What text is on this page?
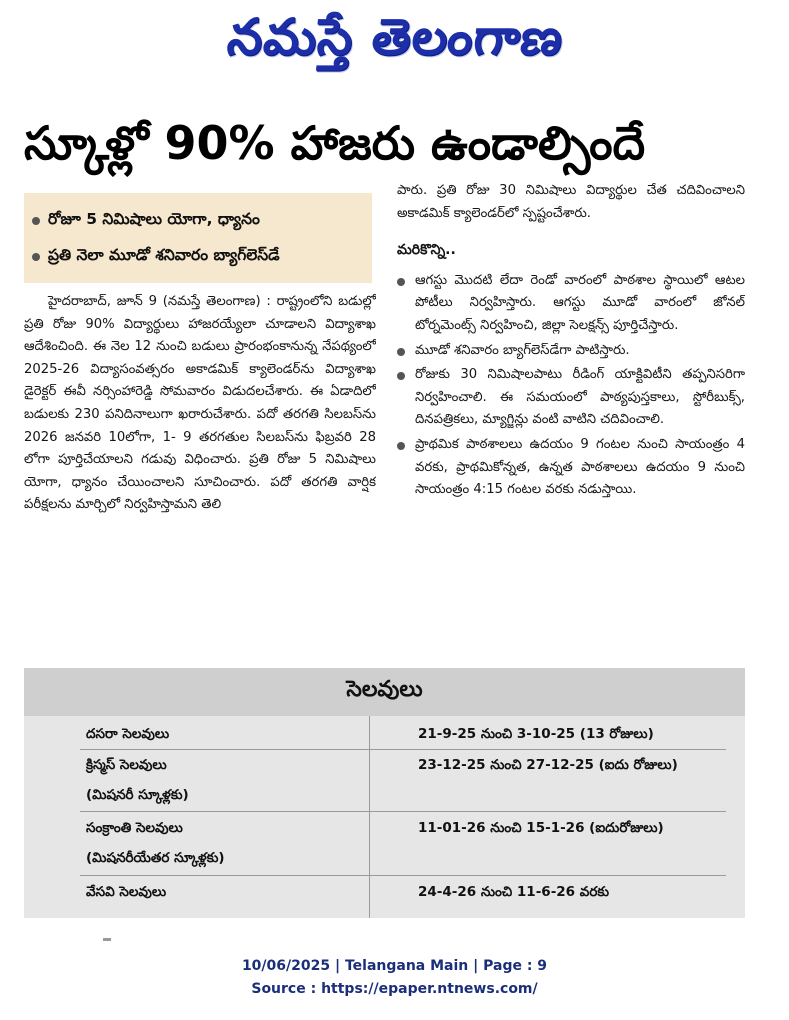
నమస్తే తెలంగాణ
స్కూళ్లో 90% హాజరు ఉండాల్సిందే
రోజూ 5 నిమిషాలు యోగా, ధ్యానం
ప్రతి నెలా మూడో శనివారం బ్యాగ్‌లెస్‌డే

హైదరాబాద్, జూన్ 9 (నమస్తే తెలంగాణ) : రాష్ట్రంలోని బడుల్లో ప్రతి రోజు 90% విద్యార్థులు హాజరయ్యేలా చూడాలని విద్యాశాఖ ఆదేశించింది. ఈ నెల 12 నుంచి బడులు ప్రారంభంకానున్న నేపథ్యంలో 2025-26 విద్యాసంవత్సరం అకాడమిక్ క్యాలెండర్‌ను విద్యాశాఖ డైరెక్టర్ ఈవీ నర్సింహారెడ్డి సోమవారం విడుదలచేశారు. ఈ ఏడాదిలో బడులకు 230 పనిదినాలుగా ఖరారుచేశారు. పదో తరగతి సిలబస్‌ను 2026 జనవరి 10లోగా, 1- 9 తరగతుల సిలబస్‌ను ఫిబ్రవరి 28 లోగా పూర్తిచేయాలని గడువు విధించారు. ప్రతి రోజు 5 నిమిషాలు యోగా, ధ్యానం చేయించాలని సూచించారు. పదో తరగతి వార్షిక పరీక్షలను మార్చిలో నిర్వహిస్తామని తెలి

పారు. ప్రతి రోజు 30 నిమిషాలు విద్యార్థుల చేత చదివించాలని అకాడమిక్ క్యాలెండర్‌లో స్పష్టంచేశారు.

మరికొన్ని..

ఆగస్టు మొదటి లేదా రెండో వారంలో పాఠశాల స్థాయిలో ఆటల పోటీలు నిర్వహిస్తారు. ఆగస్టు మూడో వారంలో జోనల్ టోర్నమెంట్స్ నిర్వహించి, జిల్లా సెలక్షన్స్ పూర్తిచేస్తారు.
మూడో శనివారం బ్యాగ్‌లెస్‌డేగా పాటిస్తారు.
రోజుకు 30 నిమిషాలపాటు రీడింగ్ యాక్టివిటీని తప్పనిసరిగా నిర్వహించాలి. ఈ సమయంలో పాఠ్యపుస్తకాలు, స్టోరీబుక్స్, దినపత్రికలు, మ్యాగ్జిన్లు వంటి వాటిని చదివించాలి.
ప్రాథమిక పాఠశాలలు ఉదయం 9 గంటల నుంచి సాయంత్రం 4 వరకు, ప్రాథమికోన్నత, ఉన్నత పాఠశాలలు ఉదయం 9 నుంచి సాయంత్రం 4:15 గంటల వరకు నడుస్తాయి.
సెలవులు
దసరా సెలవులు	21-9-25 నుంచి 3-10-25 (13 రోజులు)
క్రిస్మస్ సెలవులు	23-12-25 నుంచి 27-12-25 (ఐదు రోజులు)
(మిషనరీ స్కూళ్లకు)
సంక్రాంతి సెలవులు	11-01-26 నుంచి 15-1-26 (ఐదురోజులు)
(మిషనరీయేతర స్కూళ్లకు)
వేసవి సెలవులు	24-4-26 నుంచి 11-6-26 వరకు
10/06/2025 | Telangana Main | Page : 9
Source : https://epaper.ntnews.com/
